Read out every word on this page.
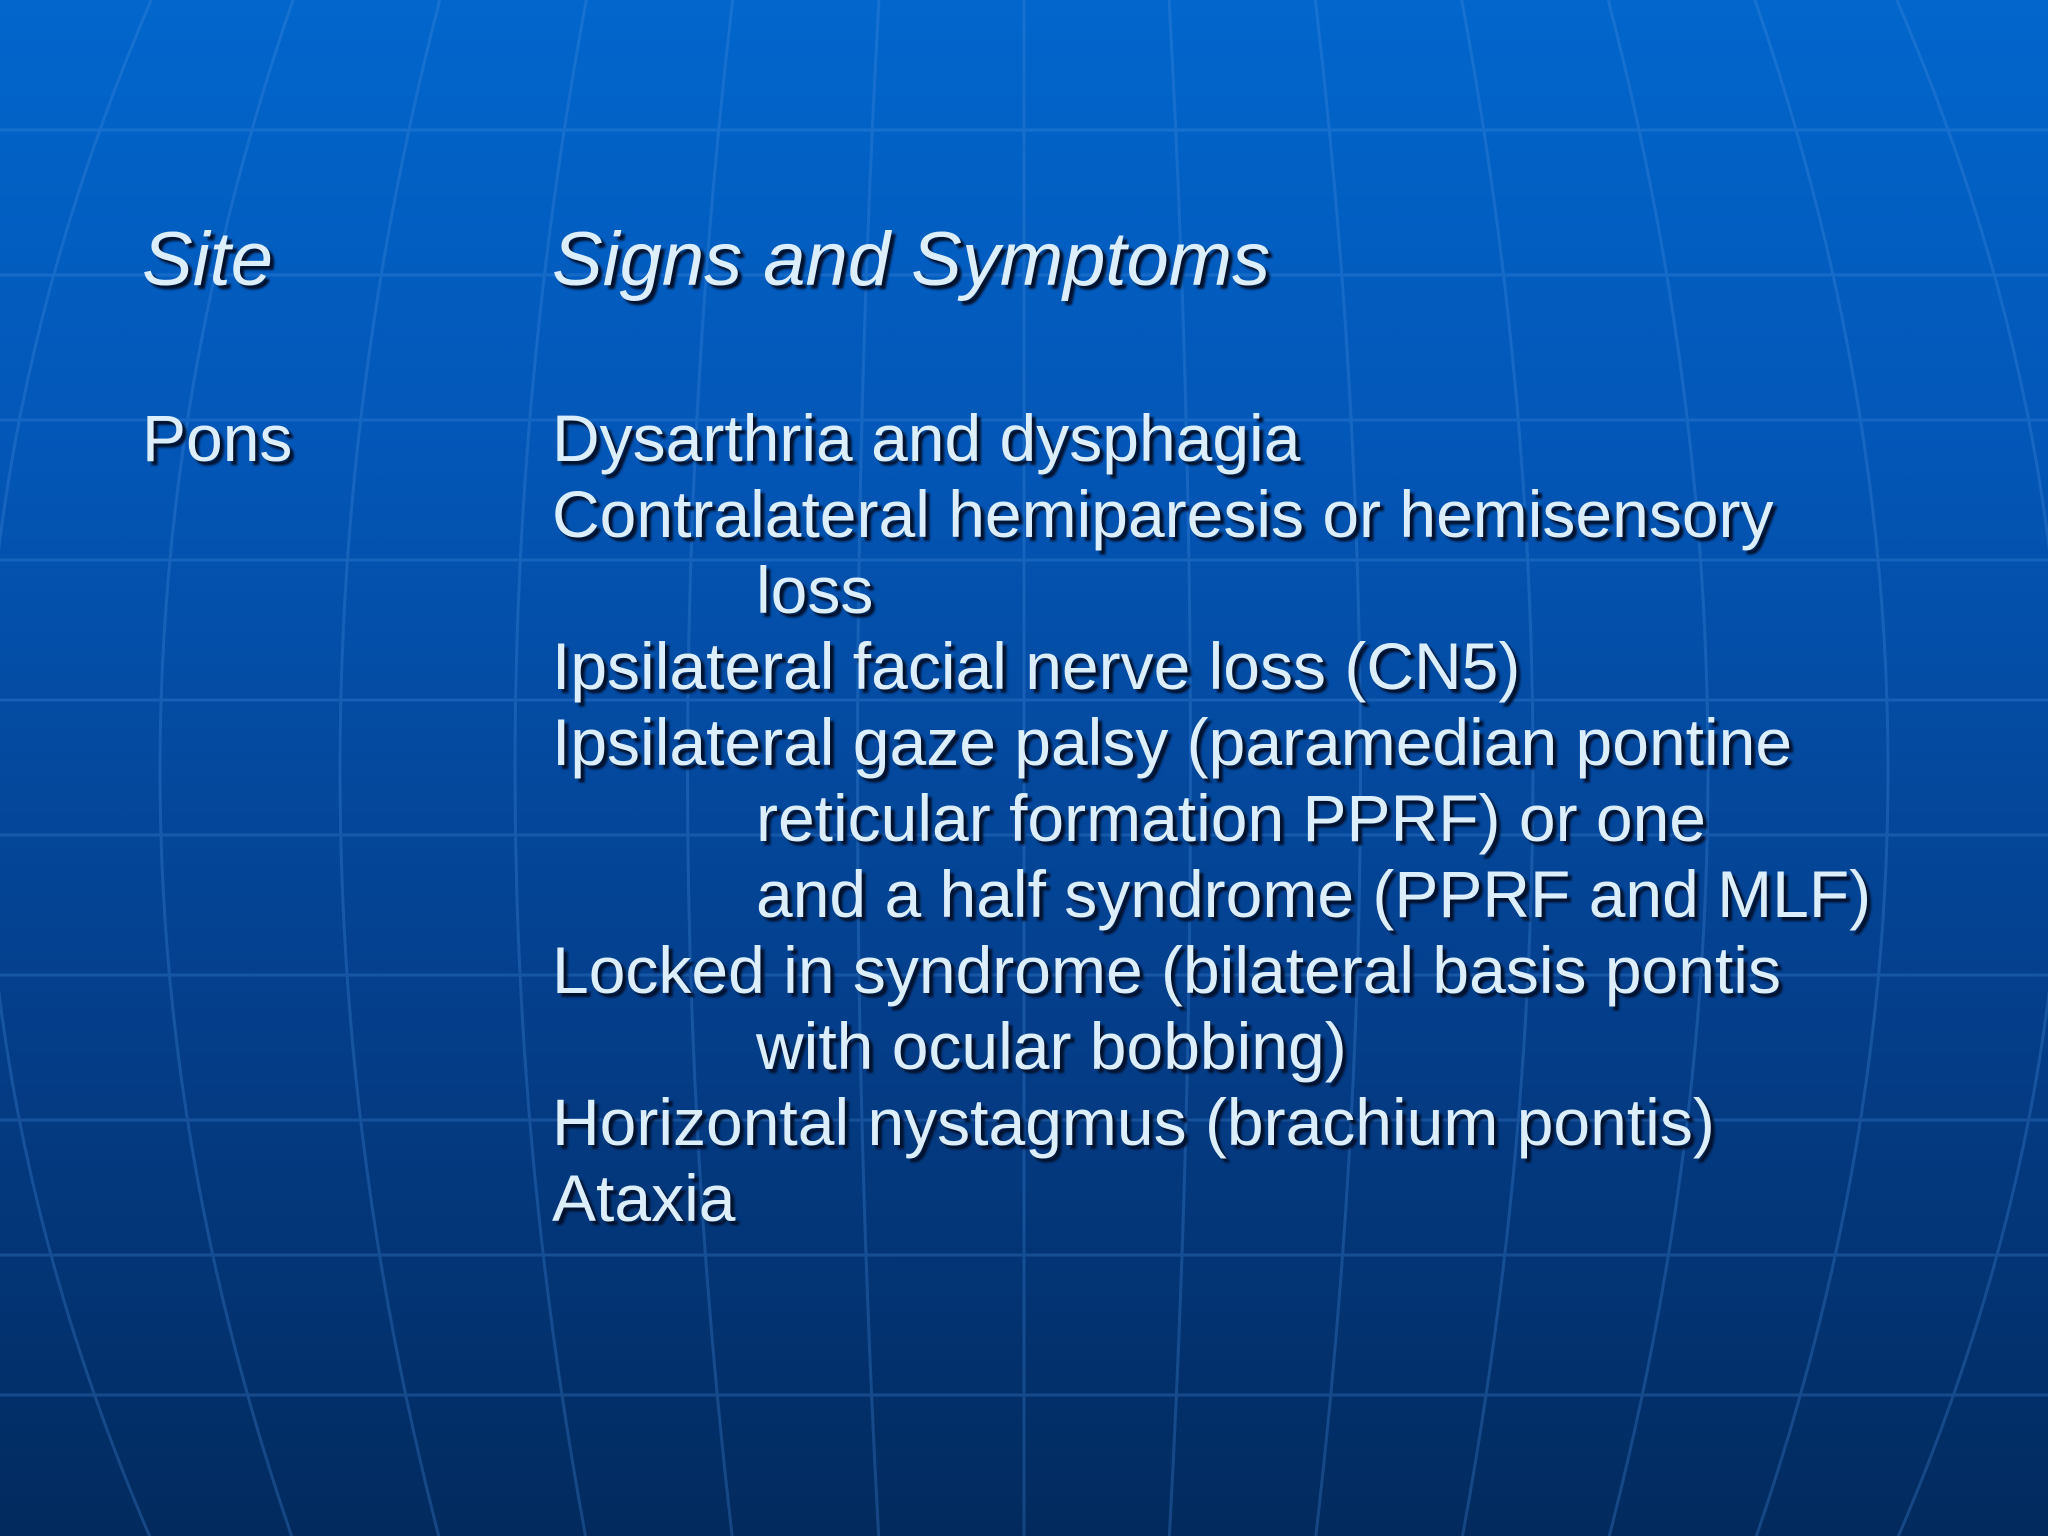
Site	Signs and Symptoms
Pons	Dysarthria and dysphagia
Contralateral hemiparesis or hemisensory
loss
Ipsilateral facial nerve loss (CN5)
Ipsilateral gaze palsy (paramedian pontine
reticular formation PPRF) or one
and a half syndrome (PPRF and MLF)
Locked in syndrome (bilateral basis pontis
with ocular bobbing)
Horizontal nystagmus (brachium pontis)
Ataxia
